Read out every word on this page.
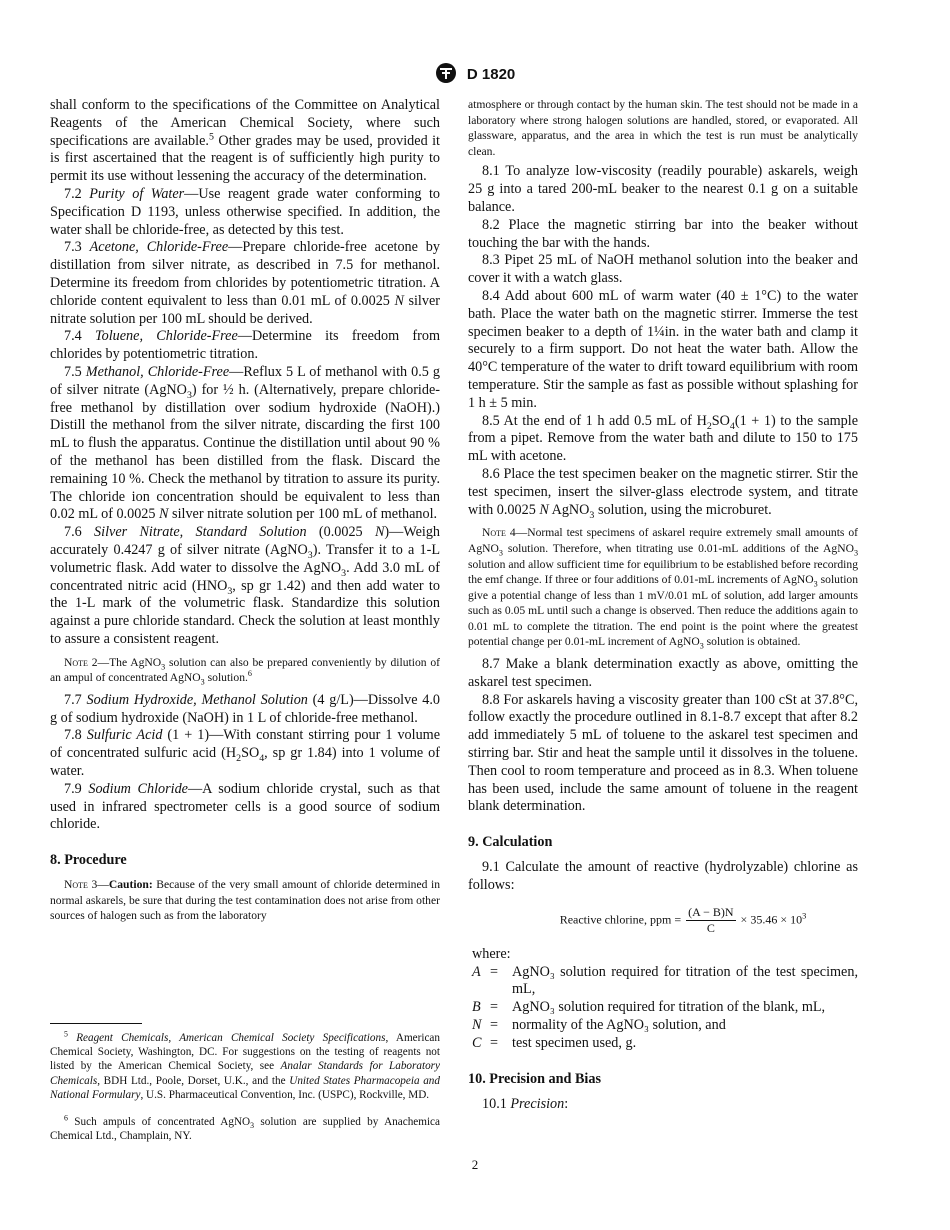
D 1820

shall conform to the specifications of the Committee on Analytical Reagents of the American Chemical Society, where such specifications are available.$^5$ Other grades may be used, provided it is first ascertained that the reagent is of sufficiently high purity to permit its use without lessening the accuracy of the determination.

7.2 Purity of Water—Use reagent grade water conforming to Specification D 1193, unless otherwise specified. In addition, the water shall be chloride-free, as detected by this test.

7.3 Acetone, Chloride-Free—Prepare chloride-free acetone by distillation from silver nitrate, as described in 7.5 for methanol. Determine its freedom from chlorides by potentiometric titration. A chloride content equivalent to less than 0.01 mL of 0.0025 N silver nitrate solution per 100 mL should be derived.

7.4 Toluene, Chloride-Free—Determine its freedom from chlorides by potentiometric titration.

7.5 Methanol, Chloride-Free—Reflux 5 L of methanol with 0.5 g of silver nitrate (AgNO$_3$) for ½ h. (Alternatively, prepare chloride-free methanol by distillation over sodium hydroxide (NaOH).) Distill the methanol from the silver nitrate, discarding the first 100 mL to flush the apparatus. Continue the distillation until about 90 % of the methanol has been distilled from the flask. Discard the remaining 10 %. Check the methanol by titration to assure its purity. The chloride ion concentration should be equivalent to less than 0.02 mL of 0.0025 N silver nitrate solution per 100 mL of methanol.

7.6 Silver Nitrate, Standard Solution (0.0025 N)—Weigh accurately 0.4247 g of silver nitrate (AgNO$_3$). Transfer it to a 1-L volumetric flask. Add water to dissolve the AgNO$_3$. Add 3.0 mL of concentrated nitric acid ($HNO_3$, sp gr 1.42) and then add water to the 1-L mark of the volumetric flask. Standardize this solution against a pure chloride standard. Check the solution at least monthly to assure a consistent reagent.

Note 2—The AgNO$_3$ solution can also be prepared conveniently by dilution of an ampul of concentrated AgNO$_3$ solution.$^6$

7.7 Sodium Hydroxide, Methanol Solution (4 g/L)—Dissolve 4.0 g of sodium hydroxide (NaOH) in 1 L of chloride-free methanol.

7.8 Sulfuric Acid (1 + 1)—With constant stirring pour 1 volume of concentrated sulfuric acid ($H_2SO_4$, sp gr 1.84) into 1 volume of water.

7.9 Sodium Chloride—A sodium chloride crystal, such as that used in infrared spectrometer cells is a good source of sodium chloride.

8. Procedure

Note 3—Caution: Because of the very small amount of chloride determined in normal askarels, be sure that during the test contamination does not arise from other sources of halogen such as from the laboratory

$^5$ Reagent Chemicals, American Chemical Society Specifications, American Chemical Society, Washington, DC. For suggestions on the testing of reagents not listed by the American Chemical Society, see Analar Standards for Laboratory Chemicals, BDH Ltd., Poole, Dorset, U.K., and the United States Pharmacopeia and National Formulary, U.S. Pharmaceutical Convention, Inc. (USPC), Rockville, MD.

$^6$ Such ampuls of concentrated AgNO$_3$ solution are supplied by Anachemica Chemical Ltd., Champlain, NY.

atmosphere or through contact by the human skin. The test should not be made in a laboratory where strong halogen solutions are handled, stored, or evaporated. All glassware, apparatus, and the area in which the test is run must be analytically clean.

8.1 To analyze low-viscosity (readily pourable) askarels, weigh 25 g into a tared 200-mL beaker to the nearest 0.1 g on a suitable balance.

8.2 Place the magnetic stirring bar into the beaker without touching the bar with the hands.

8.3 Pipet 25 mL of NaOH methanol solution into the beaker and cover it with a watch glass.

8.4 Add about 600 mL of warm water (40 ± 1°C) to the water bath. Place the water bath on the magnetic stirrer. Immerse the test specimen beaker to a depth of 1¼in. in the water bath and clamp it securely to a firm support. Do not heat the water bath. Allow the 40°C temperature of the water to drift toward equilibrium with room temperature. Stir the sample as fast as possible without splashing for 1 h ± 5 min.

8.5 At the end of 1 h add 0.5 mL of $H_2SO_4(1 + 1)$ to the sample from a pipet. Remove from the water bath and dilute to 150 to 175 mL with acetone.

8.6 Place the test specimen beaker on the magnetic stirrer. Stir the test specimen, insert the silver-glass electrode system, and titrate with 0.0025 N AgNO$_3$ solution, using the microburet.

Note 4—Normal test specimens of askarel require extremely small amounts of AgNO$_3$ solution. Therefore, when titrating use 0.01-mL additions of the AgNO$_3$ solution and allow sufficient time for equilibrium to be established before recording the emf change. If three or four additions of 0.01-mL increments of AgNO$_3$ solution give a potential change of less than 1 mV/0.01 mL of solution, add larger amounts such as 0.05 mL until such a change is observed. Then reduce the additions again to 0.01 mL to complete the titration. The end point is the point where the greatest potential change per 0.01-mL increment of AgNO$_3$ solution is obtained.

8.7 Make a blank determination exactly as above, omitting the askarel test specimen.

8.8 For askarels having a viscosity greater than 100 cSt at 37.8°C, follow exactly the procedure outlined in 8.1-8.7 except that after 8.2 add immediately 5 mL of toluene to the askarel test specimen and stirring bar. Stir and heat the sample until it dissolves in the toluene. Then cool to room temperature and proceed as in 8.3. When toluene has been used, include the same amount of toluene in the reagent blank determination.

9. Calculation

9.1 Calculate the amount of reactive (hydrolyzable) chlorine as follows:

Reactive chlorine, ppm = $\frac{(A - B)N}{C} \times 35.46 \times 10^3$

where:

A = AgNO₃ solution required for titration of the test specimen, mL,
B = AgNO₃ solution required for titration of the blank, mL,
N = normality of the AgNO₃ solution, and
C = test specimen used, g.

10. Precision and Bias

10.1 Precision:

2
